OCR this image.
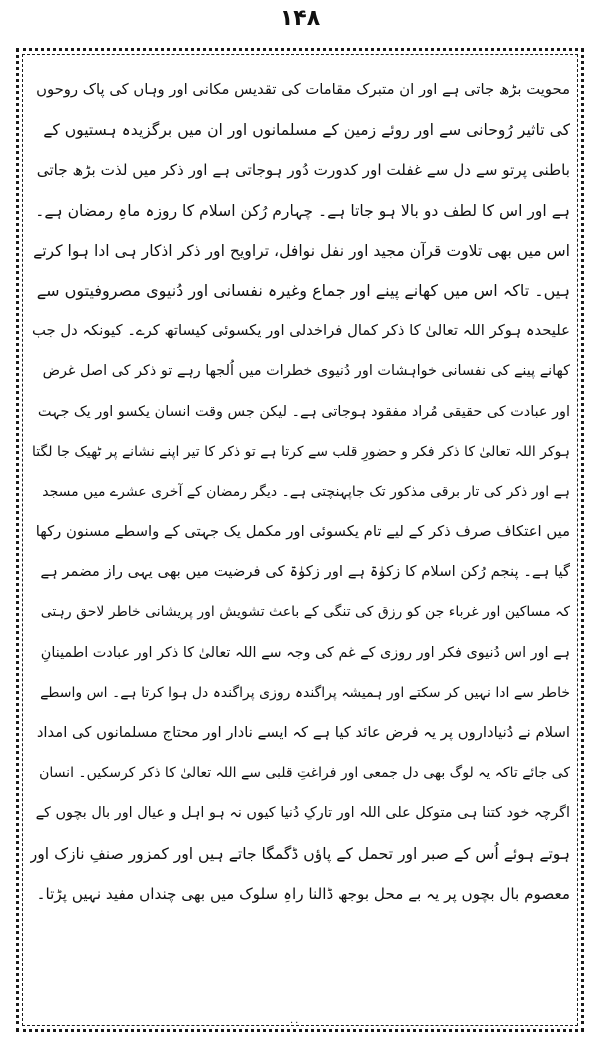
۱۴۸
محویت بڑھ جاتی ہے اور ان متبرک مقامات کی تقدیس مکانی اور وہاں کی پاک روحوں
کی تاثیر رُوحانی سے اور روئے زمین کے مسلمانوں اور ان میں برگزیدہ ہستیوں کے
باطنی پرتو سے دل سے غفلت اور کدورت دُور ہوجاتی ہے اور ذکر میں لذت بڑھ جاتی
ہے اور اس کا لطف دو بالا ہو جاتا ہے۔ چہارم رُکن اسلام کا روزہ ماہِ رمضان ہے۔
اس میں بھی تلاوت قرآن مجید اور نفل نوافل، تراویح اور ذکر اذکار ہی ادا ہوا کرتے
ہیں۔ تاکہ اس میں کھانے پینے اور جماع وغیرہ نفسانی اور دُنیوی مصروفیتوں سے
علیحدہ ہوکر اللہ تعالیٰ کا ذکر کمال فراخدلی اور یکسوئی کیساتھ کرے۔ کیونکہ دل جب
کھانے پینے کی نفسانی خواہشات اور دُنیوی خطرات میں اُلجھا رہے تو ذکر کی اصل غرض
اور عبادت کی حقیقی مُراد مفقود ہوجاتی ہے۔ لیکن جس وقت انسان یکسو اور یک جہت
ہوکر اللہ تعالیٰ کا ذکر فکر و حضورِ قلب سے کرتا ہے تو ذکر کا تیر اپنے نشانے پر ٹھیک جا لگتا
ہے اور ذکر کی تار برقی مذکور تک جاپہنچتی ہے۔ دیگر رمضان کے آخری عشرے میں مسجد
میں اعتکاف صرف ذکر کے لیے تام یکسوئی اور مکمل یک جہتی کے واسطے مسنون رکھا
گیا ہے۔ پنجم رُکن اسلام کا زکوٰۃ ہے اور زکوٰۃ کی فرضیت میں بھی یہی راز مضمر ہے
کہ مساکین اور غرباء جن کو رزق کی تنگی کے باعث تشویش اور پریشانی خاطر لاحق رہتی
ہے اور اس دُنیوی فکر اور روزی کے غم کی وجہ سے اللہ تعالیٰ کا ذکر اور عبادت اطمینانِ
خاطر سے ادا نہیں کر سکتے اور ہمیشہ پراگندہ روزی پراگندہ دل ہوا کرتا ہے۔ اس واسطے
اسلام نے دُنیاداروں پر یہ فرض عائد کیا ہے کہ ایسے نادار اور محتاج مسلمانوں کی امداد
کی جائے تاکہ یہ لوگ بھی دل جمعی اور فراغتِ قلبی سے اللہ تعالیٰ کا ذکر کرسکیں۔ انسان
اگرچہ خود کتنا ہی متوکل علی اللہ اور تارکِ دُنیا کیوں نہ ہو اہل و عیال اور بال بچوں کے
ہوتے ہوئے اُس کے صبر اور تحمل کے پاؤں ڈگمگا جاتے ہیں اور کمزور صنفِ نازک اور
معصوم بال بچوں پر یہ بے محل بوجھ ڈالنا راہِ سلوک میں بھی چنداں مفید نہیں پڑتا۔
..
